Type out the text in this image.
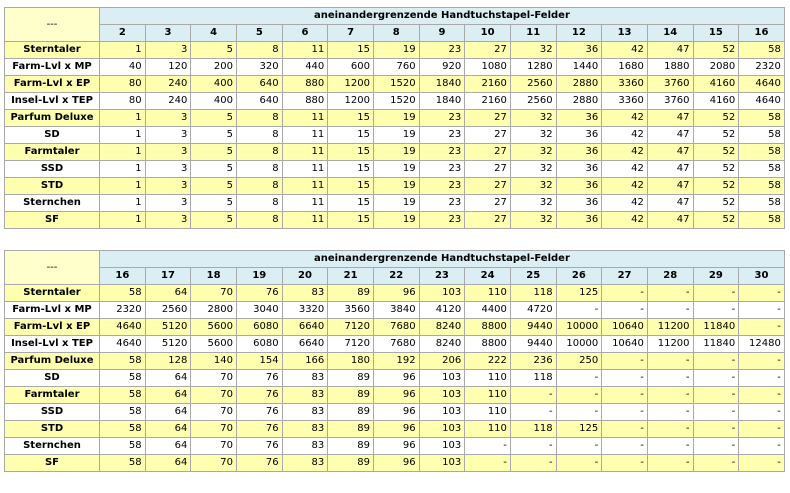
---	aneinandergrenzende Handtuchstapel-Felder														
	2	3	4	5	6	7	8	9	10	11	12	13	14	15	16
Sterntaler	1	3	5	8	11	15	19	23	27	32	36	42	47	52	58
Farm-Lvl x MP	40	120	200	320	440	600	760	920	1080	1280	1440	1680	1880	2080	2320
Farm-Lvl x EP	80	240	400	640	880	1200	1520	1840	2160	2560	2880	3360	3760	4160	4640
Insel-Lvl x TEP	80	240	400	640	880	1200	1520	1840	2160	2560	2880	3360	3760	4160	4640
Parfum Deluxe	1	3	5	8	11	15	19	23	27	32	36	42	47	52	58
SD	1	3	5	8	11	15	19	23	27	32	36	42	47	52	58
Farmtaler	1	3	5	8	11	15	19	23	27	32	36	42	47	52	58
SSD	1	3	5	8	11	15	19	23	27	32	36	42	47	52	58
STD	1	3	5	8	11	15	19	23	27	32	36	42	47	52	58
Sternchen	1	3	5	8	11	15	19	23	27	32	36	42	47	52	58
SF	1	3	5	8	11	15	19	23	27	32	36	42	47	52	58
---	aneinandergrenzende Handtuchstapel-Felder														
	16	17	18	19	20	21	22	23	24	25	26	27	28	29	30
Sterntaler	58	64	70	76	83	89	96	103	110	118	125	-	-	-	-
Farm-Lvl x MP	2320	2560	2800	3040	3320	3560	3840	4120	4400	4720	-	-	-	-	-
Farm-Lvl x EP	4640	5120	5600	6080	6640	7120	7680	8240	8800	9440	10000	10640	11200	11840	-
Insel-Lvl x TEP	4640	5120	5600	6080	6640	7120	7680	8240	8800	9440	10000	10640	11200	11840	12480
Parfum Deluxe	58	128	140	154	166	180	192	206	222	236	250	-	-	-	-
SD	58	64	70	76	83	89	96	103	110	118	-	-	-	-	-
Farmtaler	58	64	70	76	83	89	96	103	110	-	-	-	-	-	-
SSD	58	64	70	76	83	89	96	103	110	-	-	-	-	-	-
STD	58	64	70	76	83	89	96	103	110	118	125	-	-	-	-
Sternchen	58	64	70	76	83	89	96	103	-	-	-	-	-	-	-
SF	58	64	70	76	83	89	96	103	-	-	-	-	-	-	-
